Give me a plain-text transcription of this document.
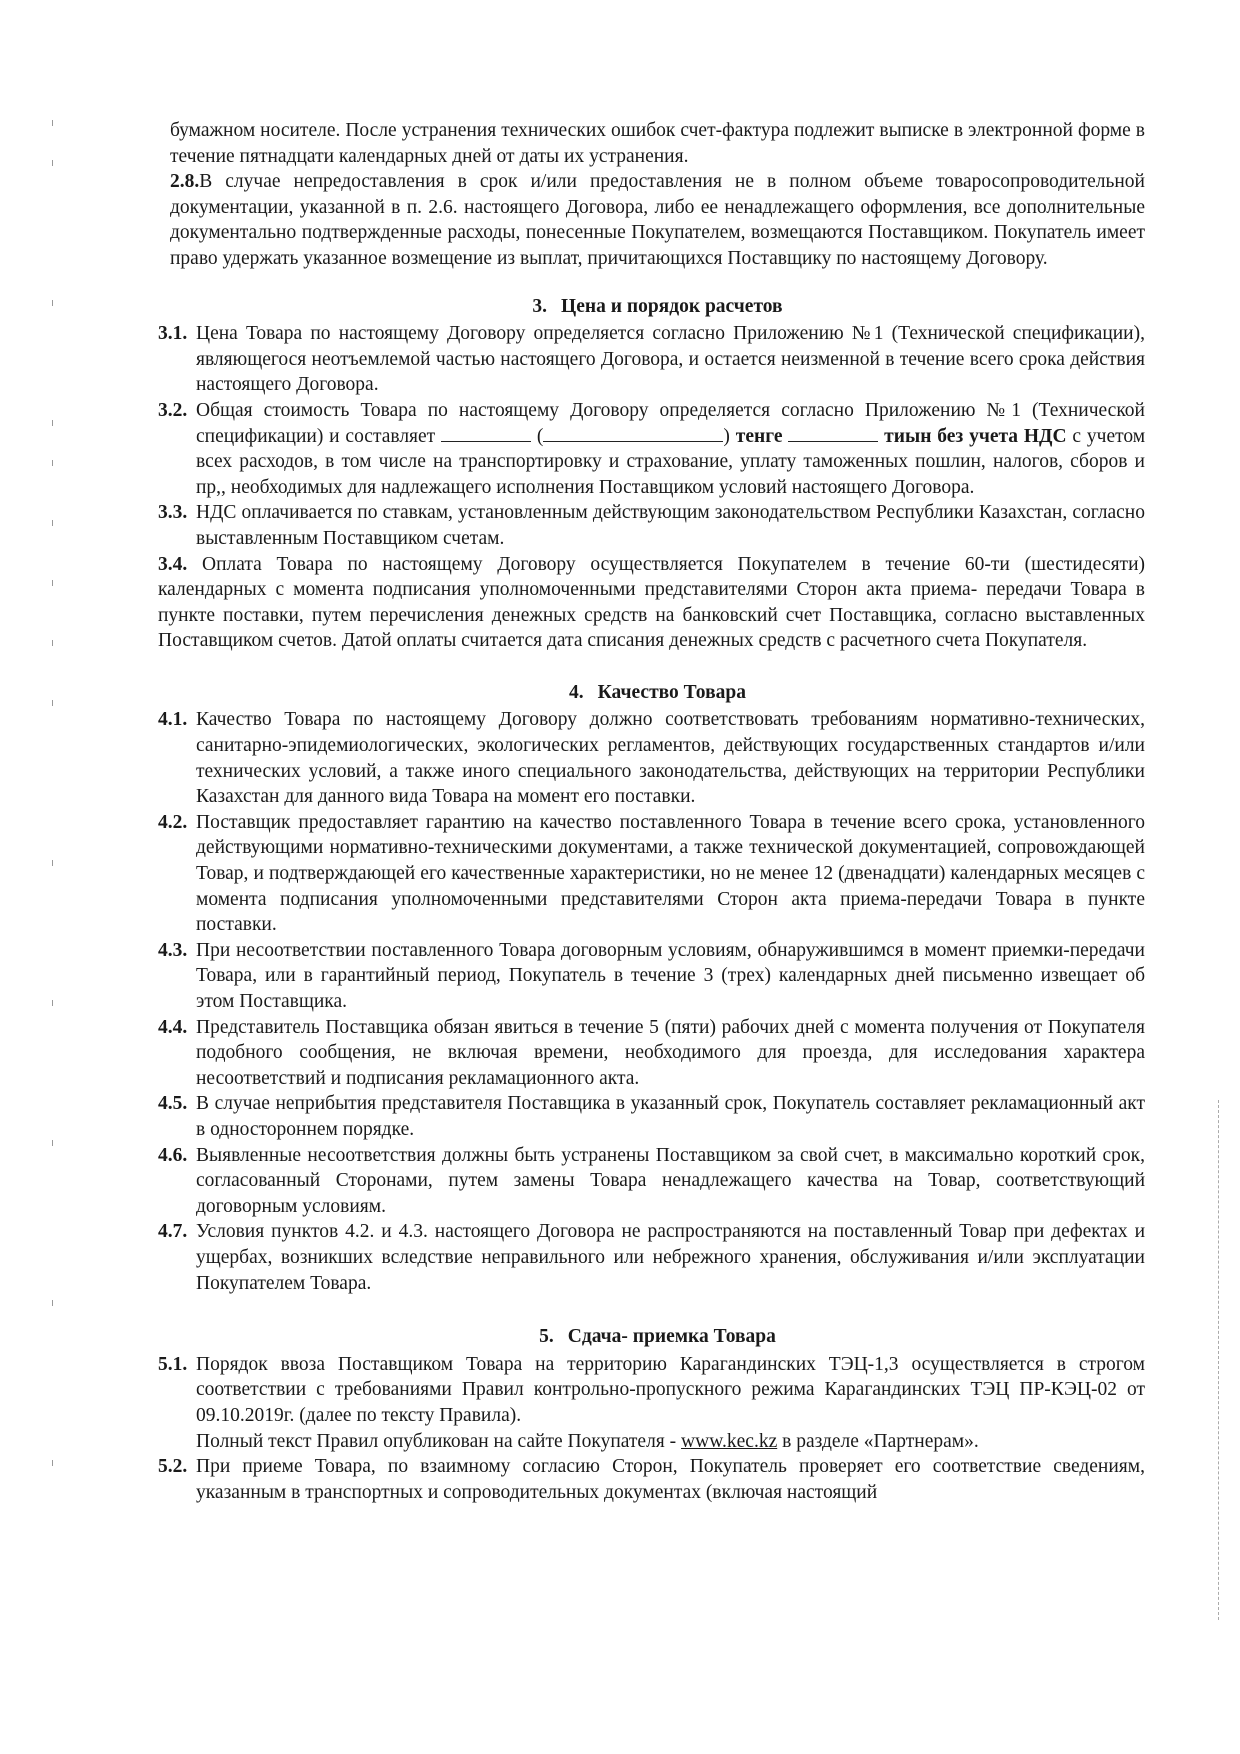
бумажном носителе. После устранения технических ошибок счет-фактура подлежит выписке в электронной форме в течение пятнадцати календарных дней от даты их устранения.

2.8.В случае непредоставления в срок и/или предоставления не в полном объеме товаросопроводительной документации, указанной в п. 2.6. настоящего Договора, либо ее ненадлежащего оформления, все дополнительные документально подтвержденные расходы, понесенные Покупателем, возмещаются Поставщиком. Покупатель имеет право удержать указанное возмещение из выплат, причитающихся Поставщику по настоящему Договору.

3. Цена и порядок расчетов
3.1. Цена Товара по настоящему Договору определяется согласно Приложению №1 (Технической спецификации), являющегося неотъемлемой частью настоящего Договора, и остается неизменной в течение всего срока действия настоящего Договора.
3.2. Общая стоимость Товара по настоящему Договору определяется согласно Приложению №1 (Технической спецификации) и составляет	(	) тенге	тиын без учета НДС с учетом всех расходов, в том числе на транспортировку и страхование, уплату таможенных пошлин, налогов, сборов и пр,, необходимых для надлежащего исполнения Поставщиком условий настоящего Договора.
3.3. НДС оплачивается по ставкам, установленным действующим законодательством Республики Казахстан, согласно выставленным Поставщиком счетам.

3.4. Оплата Товара по настоящему Договору осуществляется Покупателем в течение 60-ти (шестидесяти) календарных с момента подписания уполномоченными представителями Сторон акта приема- передачи Товара в пункте поставки, путем перечисления денежных средств на банковский счет Поставщика, согласно выставленных Поставщиком счетов. Датой оплаты считается дата списания денежных средств с расчетного счета Покупателя.

4. Качество Товара
4.1. Качество Товара по настоящему Договору должно соответствовать требованиям нормативно-технических, санитарно-эпидемиологических, экологических регламентов, действующих государственных стандартов и/или технических условий, а также иного специального законодательства, действующих на территории Республики Казахстан для данного вида Товара на момент его поставки.
4.2. Поставщик предоставляет гарантию на качество поставленного Товара в течение всего срока, установленного действующими нормативно-техническими документами, а также технической документацией, сопровождающей Товар, и подтверждающей его качественные характеристики, но не менее 12 (двенадцати) календарных месяцев с момента подписания уполномоченными представителями Сторон акта приема-передачи Товара в пункте поставки.
4.3. При несоответствии поставленного Товара договорным условиям, обнаружившимся в момент приемки-передачи Товара, или в гарантийный период, Покупатель в течение 3 (трех) календарных дней письменно извещает об этом Поставщика.
4.4. Представитель Поставщика обязан явиться в течение 5 (пяти) рабочих дней с момента получения от Покупателя подобного сообщения, не включая времени, необходимого для проезда, для исследования характера несоответствий и подписания рекламационного акта.
4.5. В случае неприбытия представителя Поставщика в указанный срок, Покупатель составляет рекламационный акт в одностороннем порядке.
4.6. Выявленные несоответствия должны быть устранены Поставщиком за свой счет, в максимально короткий срок, согласованный Сторонами, путем замены Товара ненадлежащего качества на Товар, соответствующий договорным условиям.
4.7. Условия пунктов 4.2. и 4.3. настоящего Договора не распространяются на поставленный Товар при дефектах и ущербах, возникших вследствие неправильного или небрежного хранения, обслуживания и/или эксплуатации Покупателем Товара.
5. Сдача- приемка Товара
5.1. Порядок ввоза Поставщиком Товара на территорию Карагандинских ТЭЦ-1,3 осуществляется в строгом соответствии с требованиями Правил контрольно-пропускного режима Карагандинских ТЭЦ ПР-КЭЦ-02 от 09.10.2019г. (далее по тексту Правила).
Полный текст Правил опубликован на сайте Покупателя - www.kec.kz в разделе «Партнерам».
5.2. При приеме Товара, по взаимному согласию Сторон, Покупатель проверяет его соответствие сведениям, указанным в транспортных и сопроводительных документах (включая настоящий
